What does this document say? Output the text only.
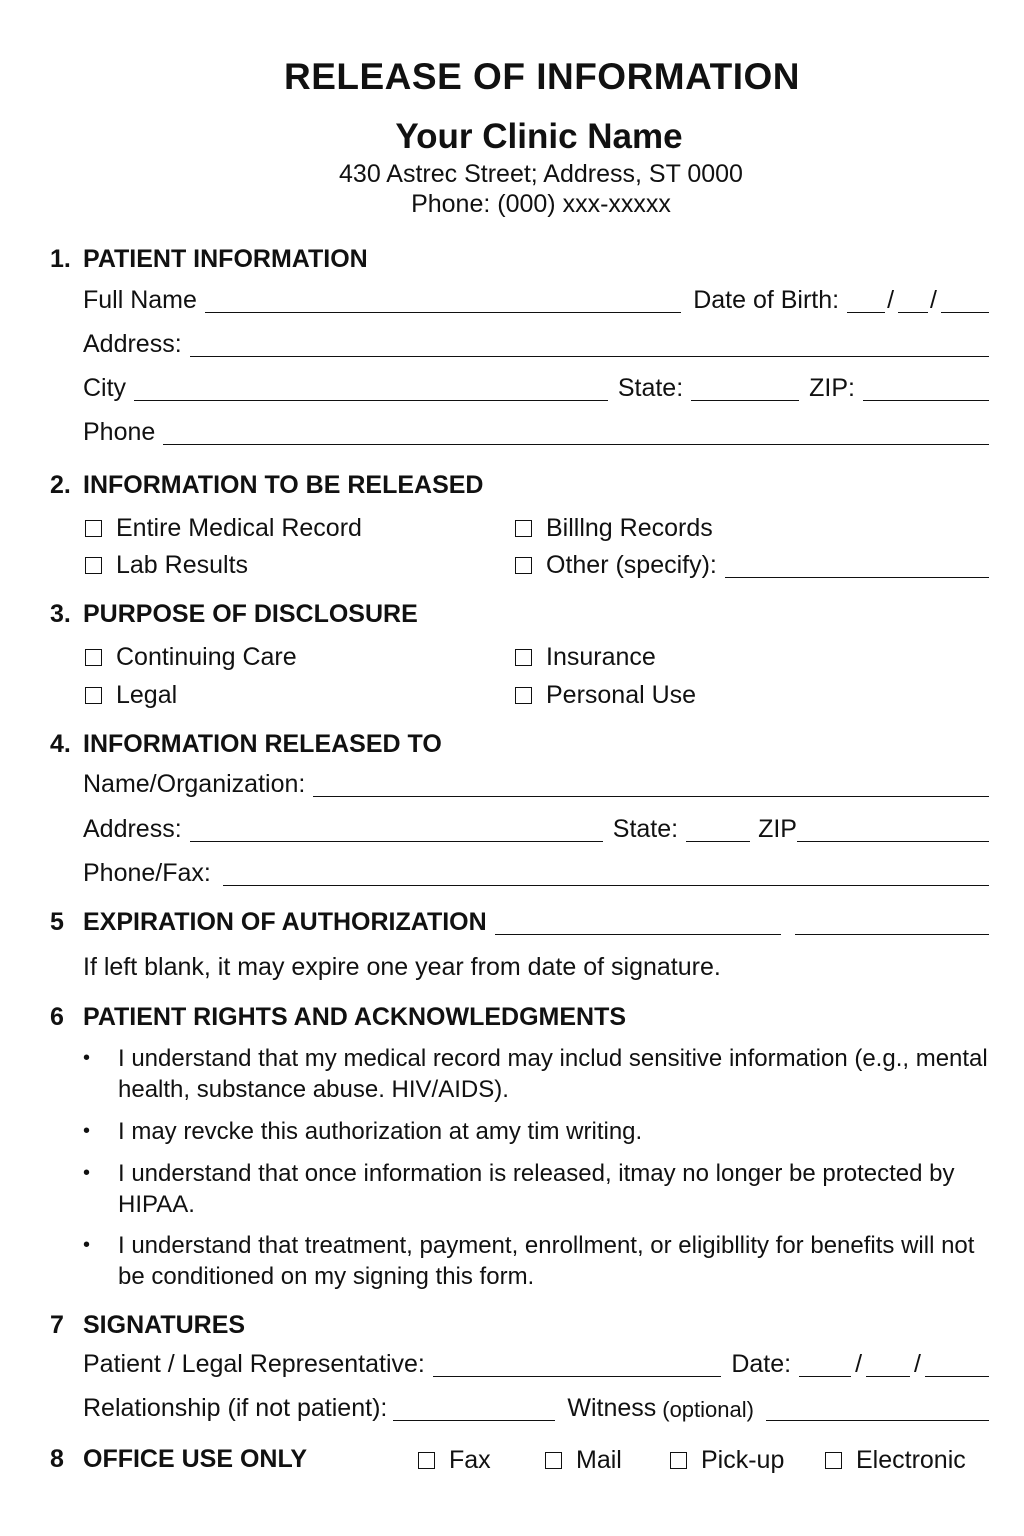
RELEASE OF INFORMATION
Your Clinic Name
430 Astrec Street; Address, ST 0000
Phone: (000) xxx-xxxxx
1. PATIENT INFORMATION
Full Name	Date of Birth: / /
Address:
City	State:	ZIP:
Phone
2. INFORMATION TO BE RELEASED
Entire Medical Record	Billlng Records
Lab Results	Other (specify):
3. PURPOSE OF DISCLOSURE
Continuing Care	Insurance
Legal	Personal Use
4. INFORMATION RELEASED TO
Name/Organization:
Address:	State:	ZIP
Phone/Fax:
5 EXPIRATION OF AUTHORIZATION
If left blank, it may expire one year from date of signature.
6 PATIENT RIGHTS AND ACKNOWLEDGMENTS
• I understand that my medical record may includ sensitive information (e.g., mental health, substance abuse. HIV/AIDS).
• I may revcke this authorization at amy tim writing.
• I understand that once information is released, itmay no longer be protected by HIPAA.
• I understand that treatment, payment, enrollment, or eligibllity for benefits will not be conditioned on my signing this form.
7 SIGNATURES
Patient / Legal Representative:	Date:	/ /
Relationship (if not patient):	Witness (optional)
8 OFFICE USE ONLY	Fax	Mail	Pick-up	Electronic
